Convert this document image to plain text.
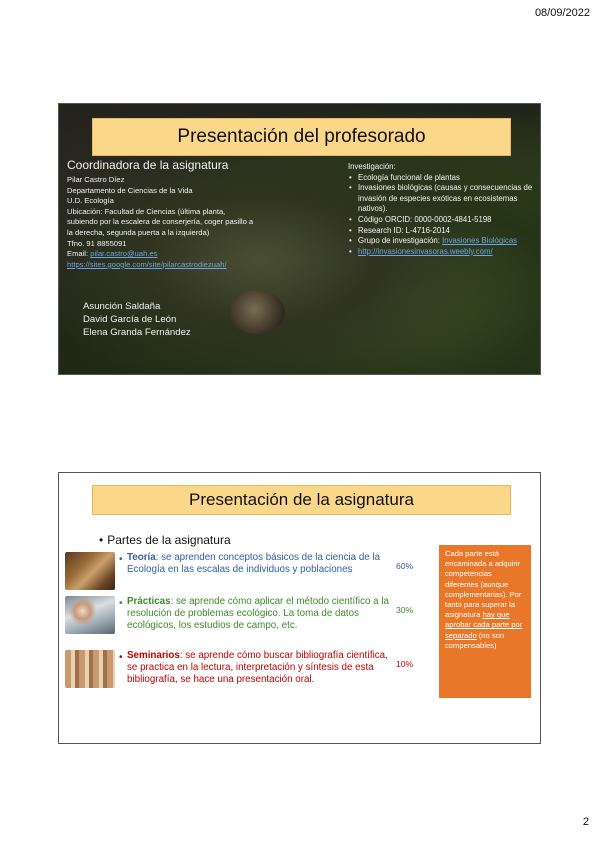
08/09/2022
Presentación del profesorado
Coordinadora de la asignatura
Pilar Castro Díez
Departamento de Ciencias de la Vida
U.D. Ecología
Ubicación: Facultad de Ciencias (última planta,
subiendo por la escalera de conserjería, coger pasillo a
la derecha, segunda puerta a la izquierda)
Tfno. 91 8855091
Email: pilar.castro@uah.es
https://sites.google.com/site/pilarcastrodiezuah/
Asunción Saldaña
David García de León
Elena Granda Fernández
Investigación:
• Ecología funcional de plantas
• Invasiones biológicas (causas y consecuencias de invasión de especies exóticas en ecosistemas nativos).
• Código ORCID: 0000-0002-4841-5198
• Research ID: L-4716-2014
• Grupo de investigación: Invasiones Biológicas
• http://invasionesinvasoras.weebly.com/
Presentación de la asignatura
• Partes de la asignatura
• Teoría: se aprenden conceptos básicos de la ciencia de la Ecología en las escalas de individuos y poblaciones	60%
• Prácticas: se aprende cómo aplicar el método científico a la resolución de problemas ecológico. La toma de datos ecológicos, los estudios de campo, etc.
30%
• Seminarios: se aprende cómo buscar bibliografía científica, se practica en la lectura, interpretación y síntesis de esta bibliografía, se hace una presentación oral.
10%
Cada parte está encaminada a adquirir competencias diferentes (aunque complementarias). Por tanto para superar la asignatura hay que aprobar cada parte por separado (no son compensables)
2
